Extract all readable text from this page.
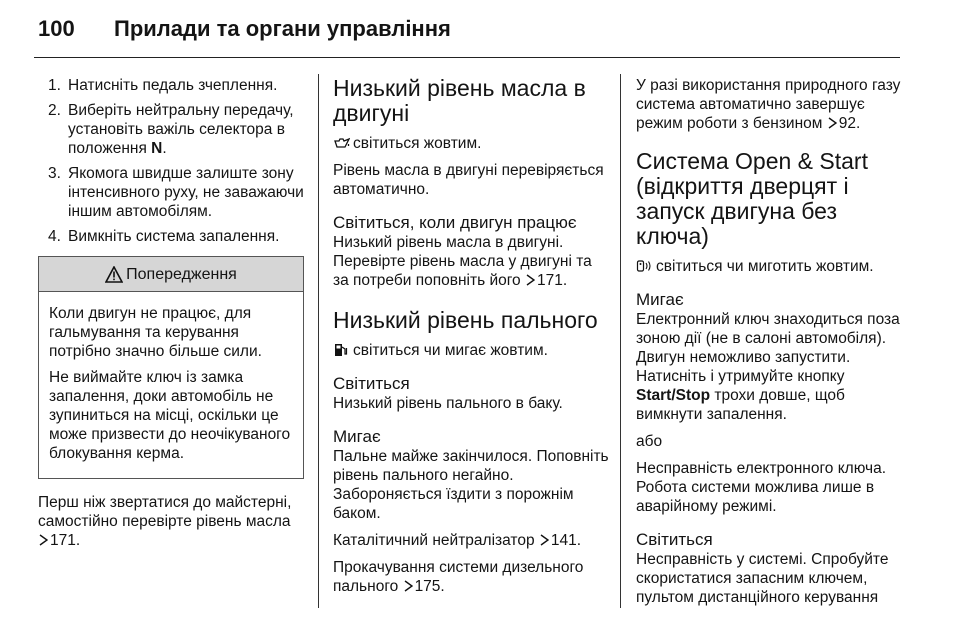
100 Прилади та органи управління
1. Натисніть педаль зчеплення.
2. Виберіть нейтральну передачу, установіть важіль селектора в положення N.
3. Якомога швидше залиште зону інтенсивного руху, не заважаючи іншим автомобілям.
4. Вимкніть система запалення.
Попередження

Коли двигун не працює, для гальмування та керування потрібно значно більше сили.

Не виймайте ключ із замка запалення, доки автомобіль не зупиниться на місці, оскільки це може призвести до неочікуваного блокування керма.

Перш ніж звертатися до майстерні, самостійно перевірте рівень масла 171.

Низький рівень масла в двигуні

світиться жовтим.

Рівень масла в двигуні перевіряється автоматично.

Світиться, коли двигун працює

Низький рівень масла в двигуні. Перевірте рівень масла у двигуні та за потреби поповніть його 171.

Низький рівень пального

світиться чи мигає жовтим.

Світиться

Низький рівень пального в баку.

Мигає

Пальне майже закінчилося. Поповніть рівень пального негайно. Забороняється їздити з порожнім баком.

Каталітичний нейтралізатор 141.

Прокачування системи дизельного пального 175.

У разі використання природного газу система автоматично завершує режим роботи з бензином 92.

Система Open & Start (відкриття дверцят і запуск двигуна без ключа)

світиться чи миготить жовтим.

Мигає

Електронний ключ знаходиться поза зоною дії (не в салоні автомобіля). Двигун неможливо запустити. Натисніть і утримуйте кнопку Start/Stop трохи довше, щоб вимкнути запалення.

або

Несправність електронного ключа. Робота системи можлива лише в аварійному режимі.

Світиться

Несправність у системі. Спробуйте скористатися запасним ключем, пультом дистанційного керування
